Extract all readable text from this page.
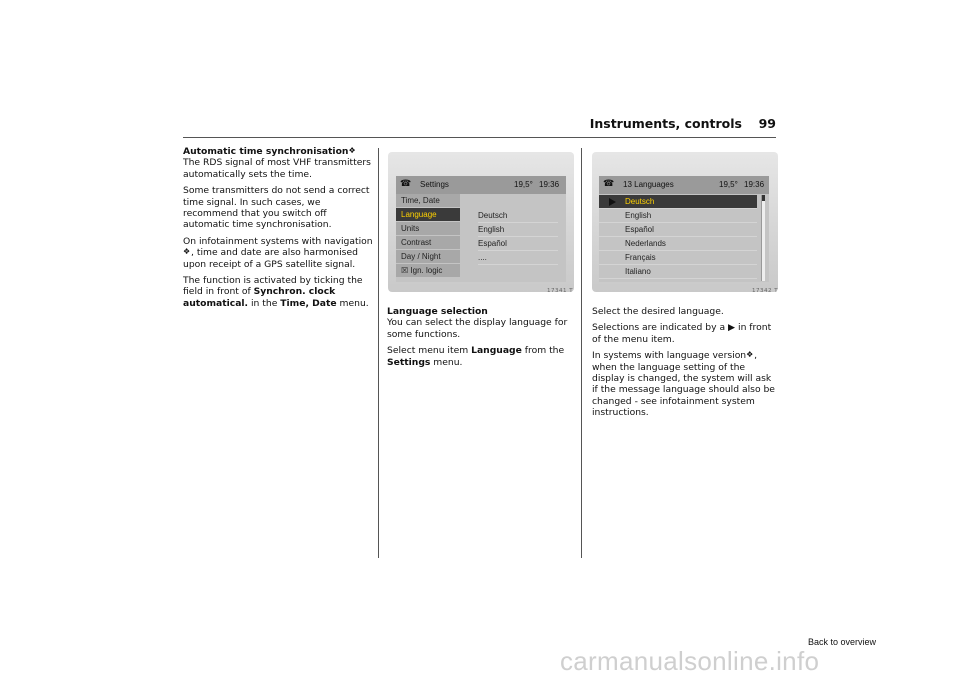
Instruments, controls 99

Automatic time synchronisation❖
The RDS signal of most VHF transmitters automatically sets the time.

Some transmitters do not send a correct time signal. In such cases, we recommend that you switch off automatic time synchronisation.

On infotainment systems with navigation❖, time and date are also harmonised upon receipt of a GPS satellite signal.

The function is activated by ticking the field in front of Synchron. clock automatical. in the Time, Date menu.

☎ Settings	19,5° 19:36
Time, Date
Language
Units
Contrast
Day / Night
☒ Ign. logic
Deutsch
English
Español
....
17341 T

Language selection
You can select the display language for some functions.

Select menu item Language from the Settings menu.

☎ 13 Languages	19,5° 19:36
Deutsch
English
Español
Nederlands
Français
Italiano
17342 T

Select the desired language.

Selections are indicated by a ▶ in front of the menu item.

In systems with language version❖ , when the language setting of the display is changed, the system will ask if the message language should also be changed - see infotainment system instructions.

Back to overview
carmanualsonline.info
